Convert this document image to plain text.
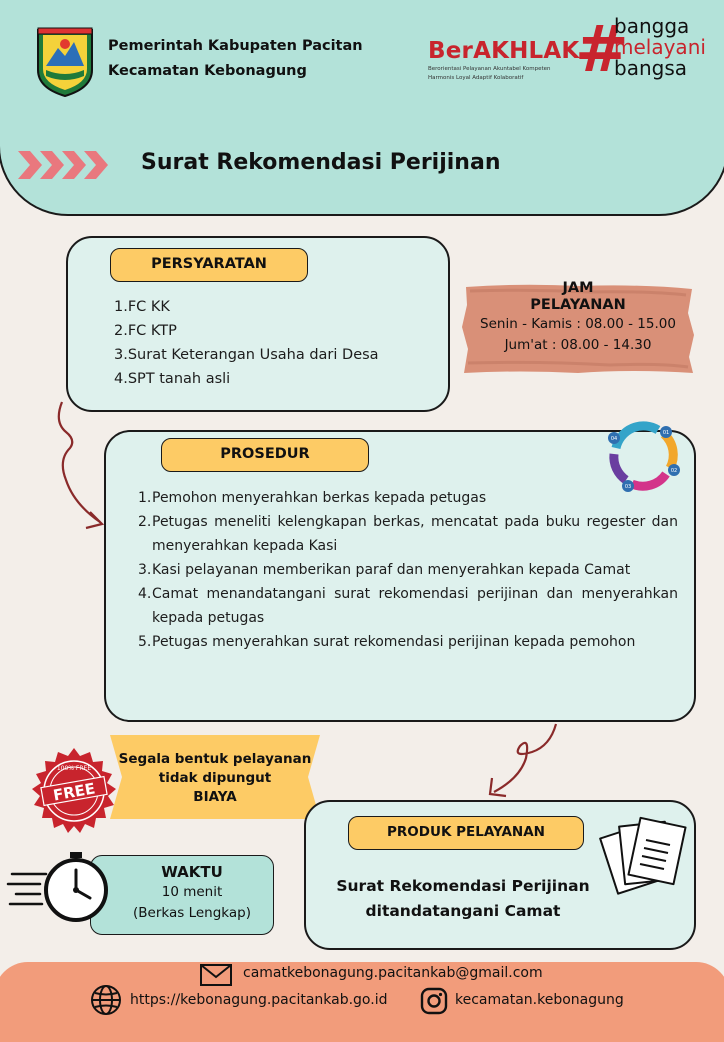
Pemerintah Kabupaten Pacitan
Kecamatan Kebonagung
BerAKHLAK
Berorientasi Pelayanan Akuntabel Kompeten
Harmonis Loyal Adaptif Kolaboratif #
bangga
melayani
bangsa
Surat Rekomendasi Perijinan
PERSYARATAN
1.FC KK
2.FC KTP
3.Surat Keterangan Usaha dari Desa
4.SPT tanah asli
JAM
PELAYANAN
Senin - Kamis : 08.00 - 15.00
Jum'at : 08.00 - 14.30
PROSEDUR
04
01
02
03
1. Pemohon menyerahkan berkas kepada petugas
2. Petugas meneliti kelengkapan berkas, mencatat pada buku regester dan menyerahkan kepada Kasi
3. Kasi pelayanan memberikan paraf dan menyerahkan kepada Camat
4. Camat menandatangani surat rekomendasi perijinan dan menyerahkan kepada petugas
5. Petugas menyerahkan surat rekomendasi perijinan kepada pemohon
100% FREE
FREE
Segala bentuk pelayanan
tidak dipungut
BIAYA
PRODUK PELAYANAN
Surat Rekomendasi Perijinan
ditandatangani Camat
WAKTU
10 menit
(Berkas Lengkap)
camatkebonagung.pacitankab@gmail.com
https://kebonagung.pacitankab.go.id	kecamatan.kebonagung
